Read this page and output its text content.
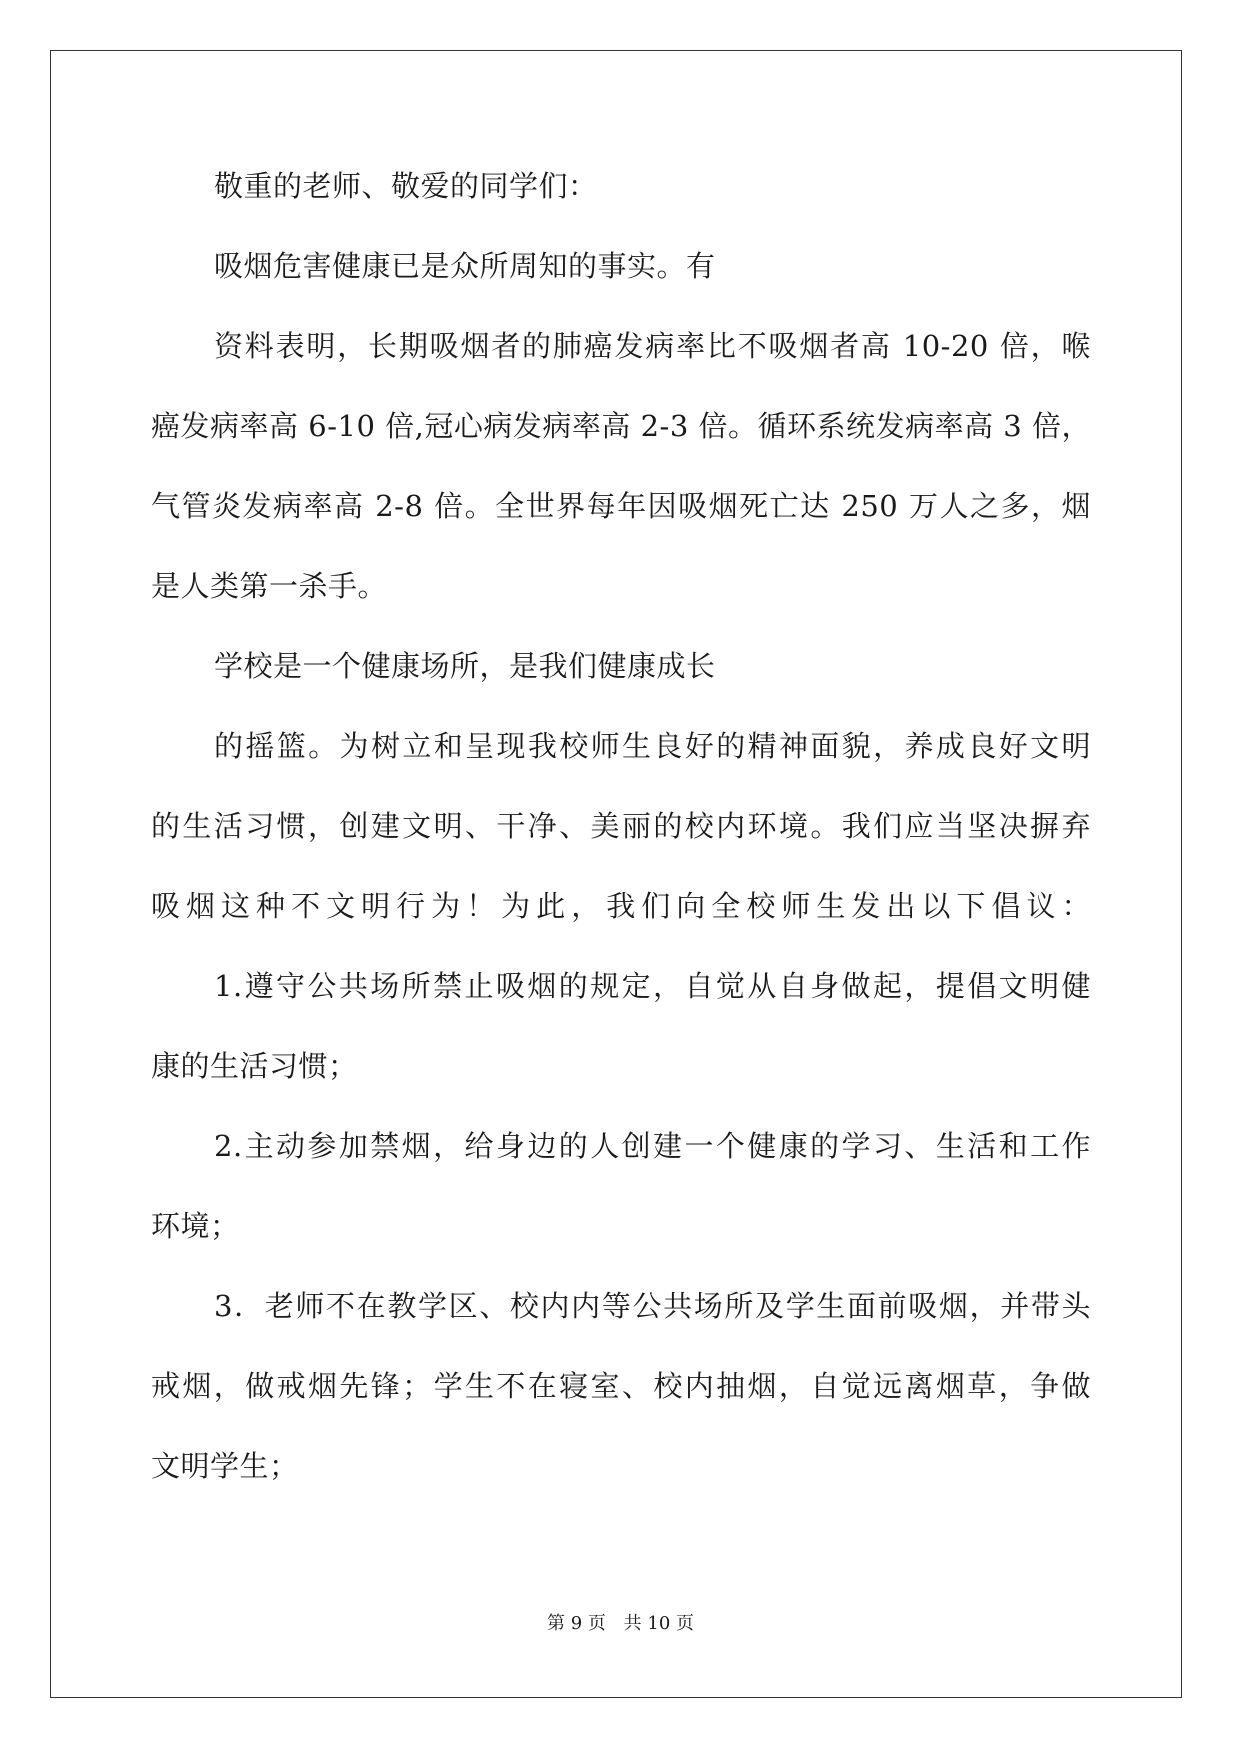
敬重的老师、敬爱的同学们：
吸烟危害健康已是众所周知的事实。有
资料表明，长期吸烟者的肺癌发病率比不吸烟者高 10-20 倍，喉
癌发病率高 6-10 倍,冠心病发病率高 2-3 倍。循环系统发病率高 3 倍，
气管炎发病率高 2-8 倍。全世界每年因吸烟死亡达 250 万人之多，烟
是人类第一杀手。
学校是一个健康场所，是我们健康成长
的摇篮。为树立和呈现我校师生良好的精神面貌，养成良好文明
的生活习惯，创建文明、干净、美丽的校内环境。我们应当坚决摒弃
吸烟这种不文明行为！为此，我们向全校师生发出以下倡议：
1.遵守公共场所禁止吸烟的规定，自觉从自身做起，提倡文明健
康的生活习惯；
2.主动参加禁烟，给身边的人创建一个健康的学习、生活和工作
环境；
3．老师不在教学区、校内内等公共场所及学生面前吸烟，并带头
戒烟，做戒烟先锋；学生不在寝室、校内抽烟，自觉远离烟草，争做
文明学生；
第 9 页 共 10 页
